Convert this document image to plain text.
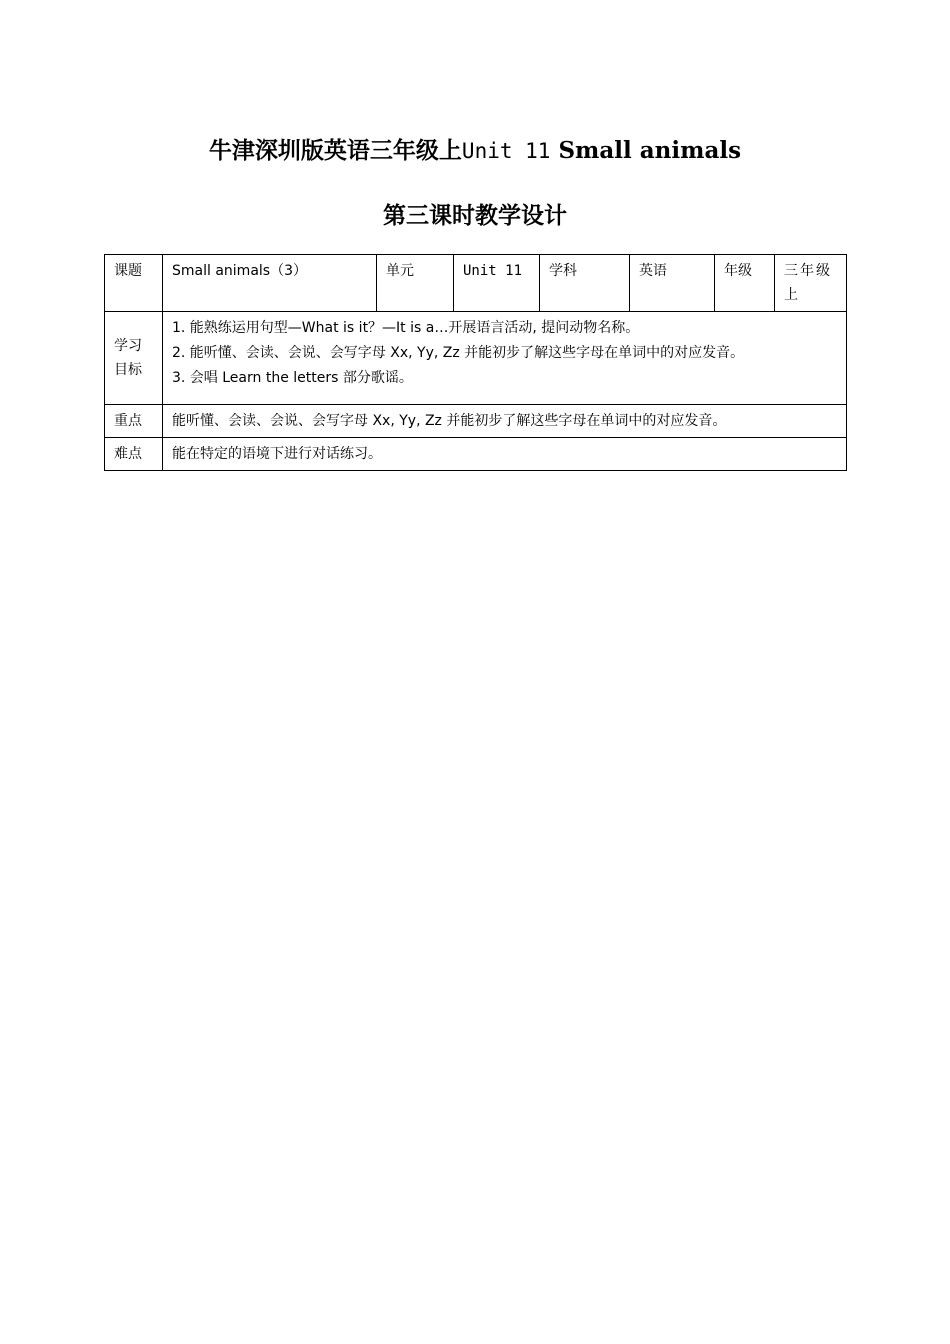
牛津深圳版英语三年级上Unit 11 Small animals
第三课时教学设计
课题	Small animals（3）	单元	Unit 11	学科	英语	年级	三年级上
学习目标	1. 能熟练运用句型—What is it？—It is a…开展语言活动, 提问动物名称。
2. 能听懂、会读、会说、会写字母 Xx, Yy, Zz 并能初步了解这些字母在单词中的对应发音。
3. 会唱 Learn the letters 部分歌谣。						

重点	能听懂、会读、会说、会写字母 Xx, Yy, Zz 并能初步了解这些字母在单词中的对应发音。						
难点	能在特定的语境下进行对话练习。						
